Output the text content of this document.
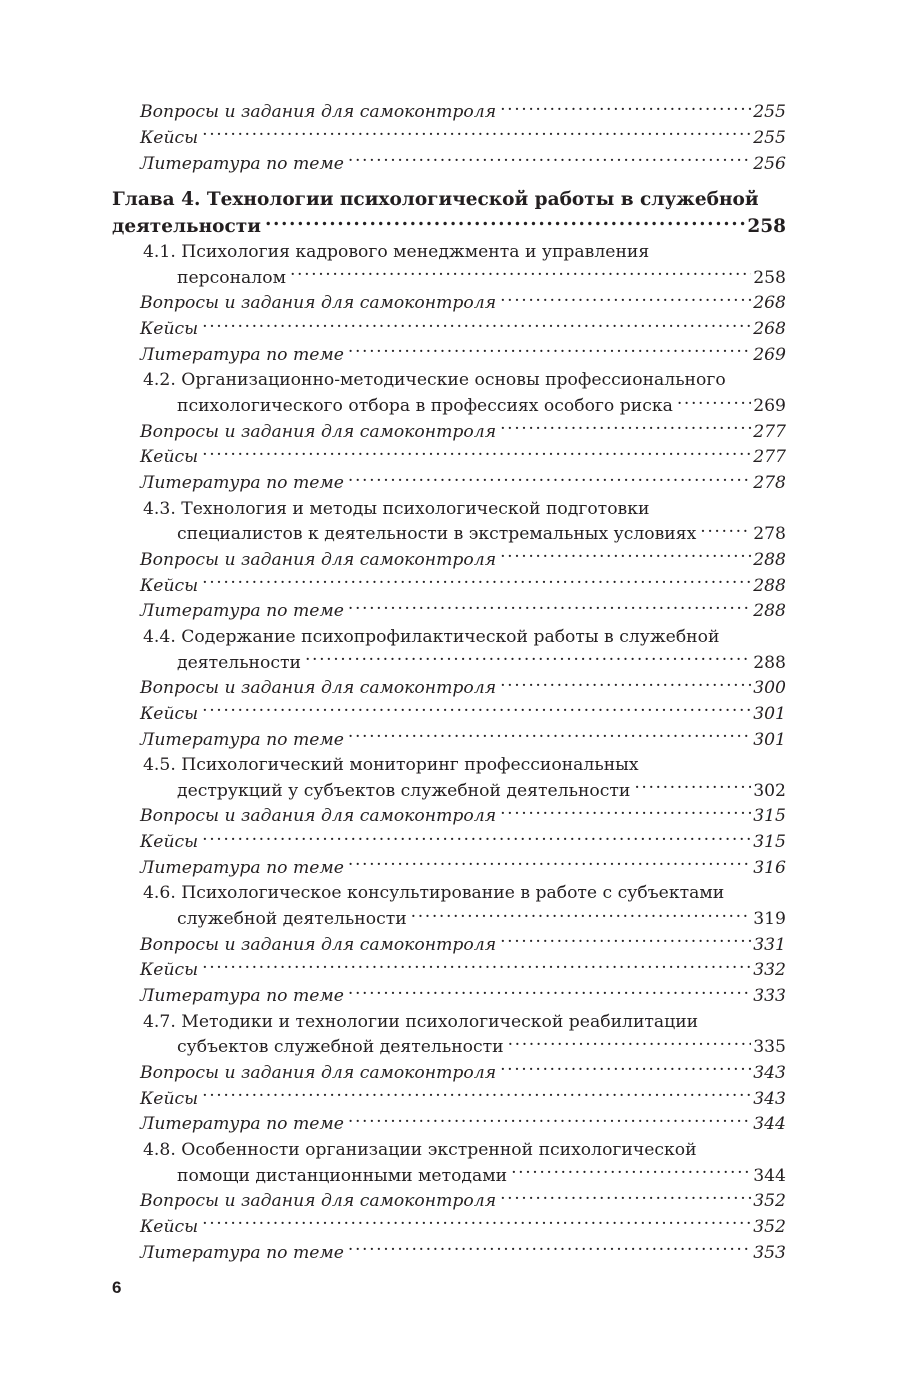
Вопросы и задания для самоконтроля .....	255
Кейсы .....	255
Литература по теме .....	256
Глава 4. Технологии психологической работы в служебной
деятельности .....	258
4.1. Психология кадрового менеджмента и управления
персоналом .....	258
Вопросы и задания для самоконтроля .....	268
Кейсы .....	268
Литература по теме .....	269
4.2. Организационно-методические основы профессионального
психологического отбора в профессиях особого риска .....	269
Вопросы и задания для самоконтроля .....	277
Кейсы .....	277
Литература по теме .....	278
4.3. Технология и методы психологической подготовки
специалистов к деятельности в экстремальных условиях .....	278
Вопросы и задания для самоконтроля .....	288
Кейсы .....	288
Литература по теме .....	288
4.4. Содержание психопрофилактической работы в служебной
деятельности .....	288
Вопросы и задания для самоконтроля .....	300
Кейсы .....	301
Литература по теме .....	301
4.5. Психологический мониторинг профессиональных
деструкций у субъектов служебной деятельности .....	302
Вопросы и задания для самоконтроля .....	315
Кейсы .....	315
Литература по теме .....	316
4.6. Психологическое консультирование в работе с субъектами
служебной деятельности .....	319
Вопросы и задания для самоконтроля .....	331
Кейсы .....	332
Литература по теме .....	333
4.7. Методики и технологии психологической реабилитации
субъектов служебной деятельности .....	335
Вопросы и задания для самоконтроля .....	343
Кейсы .....	343
Литература по теме .....	344
4.8. Особенности организации экстренной психологической
помощи дистанционными методами .....	344
Вопросы и задания для самоконтроля .....	352
Кейсы .....	352
Литература по теме .....	353
6
